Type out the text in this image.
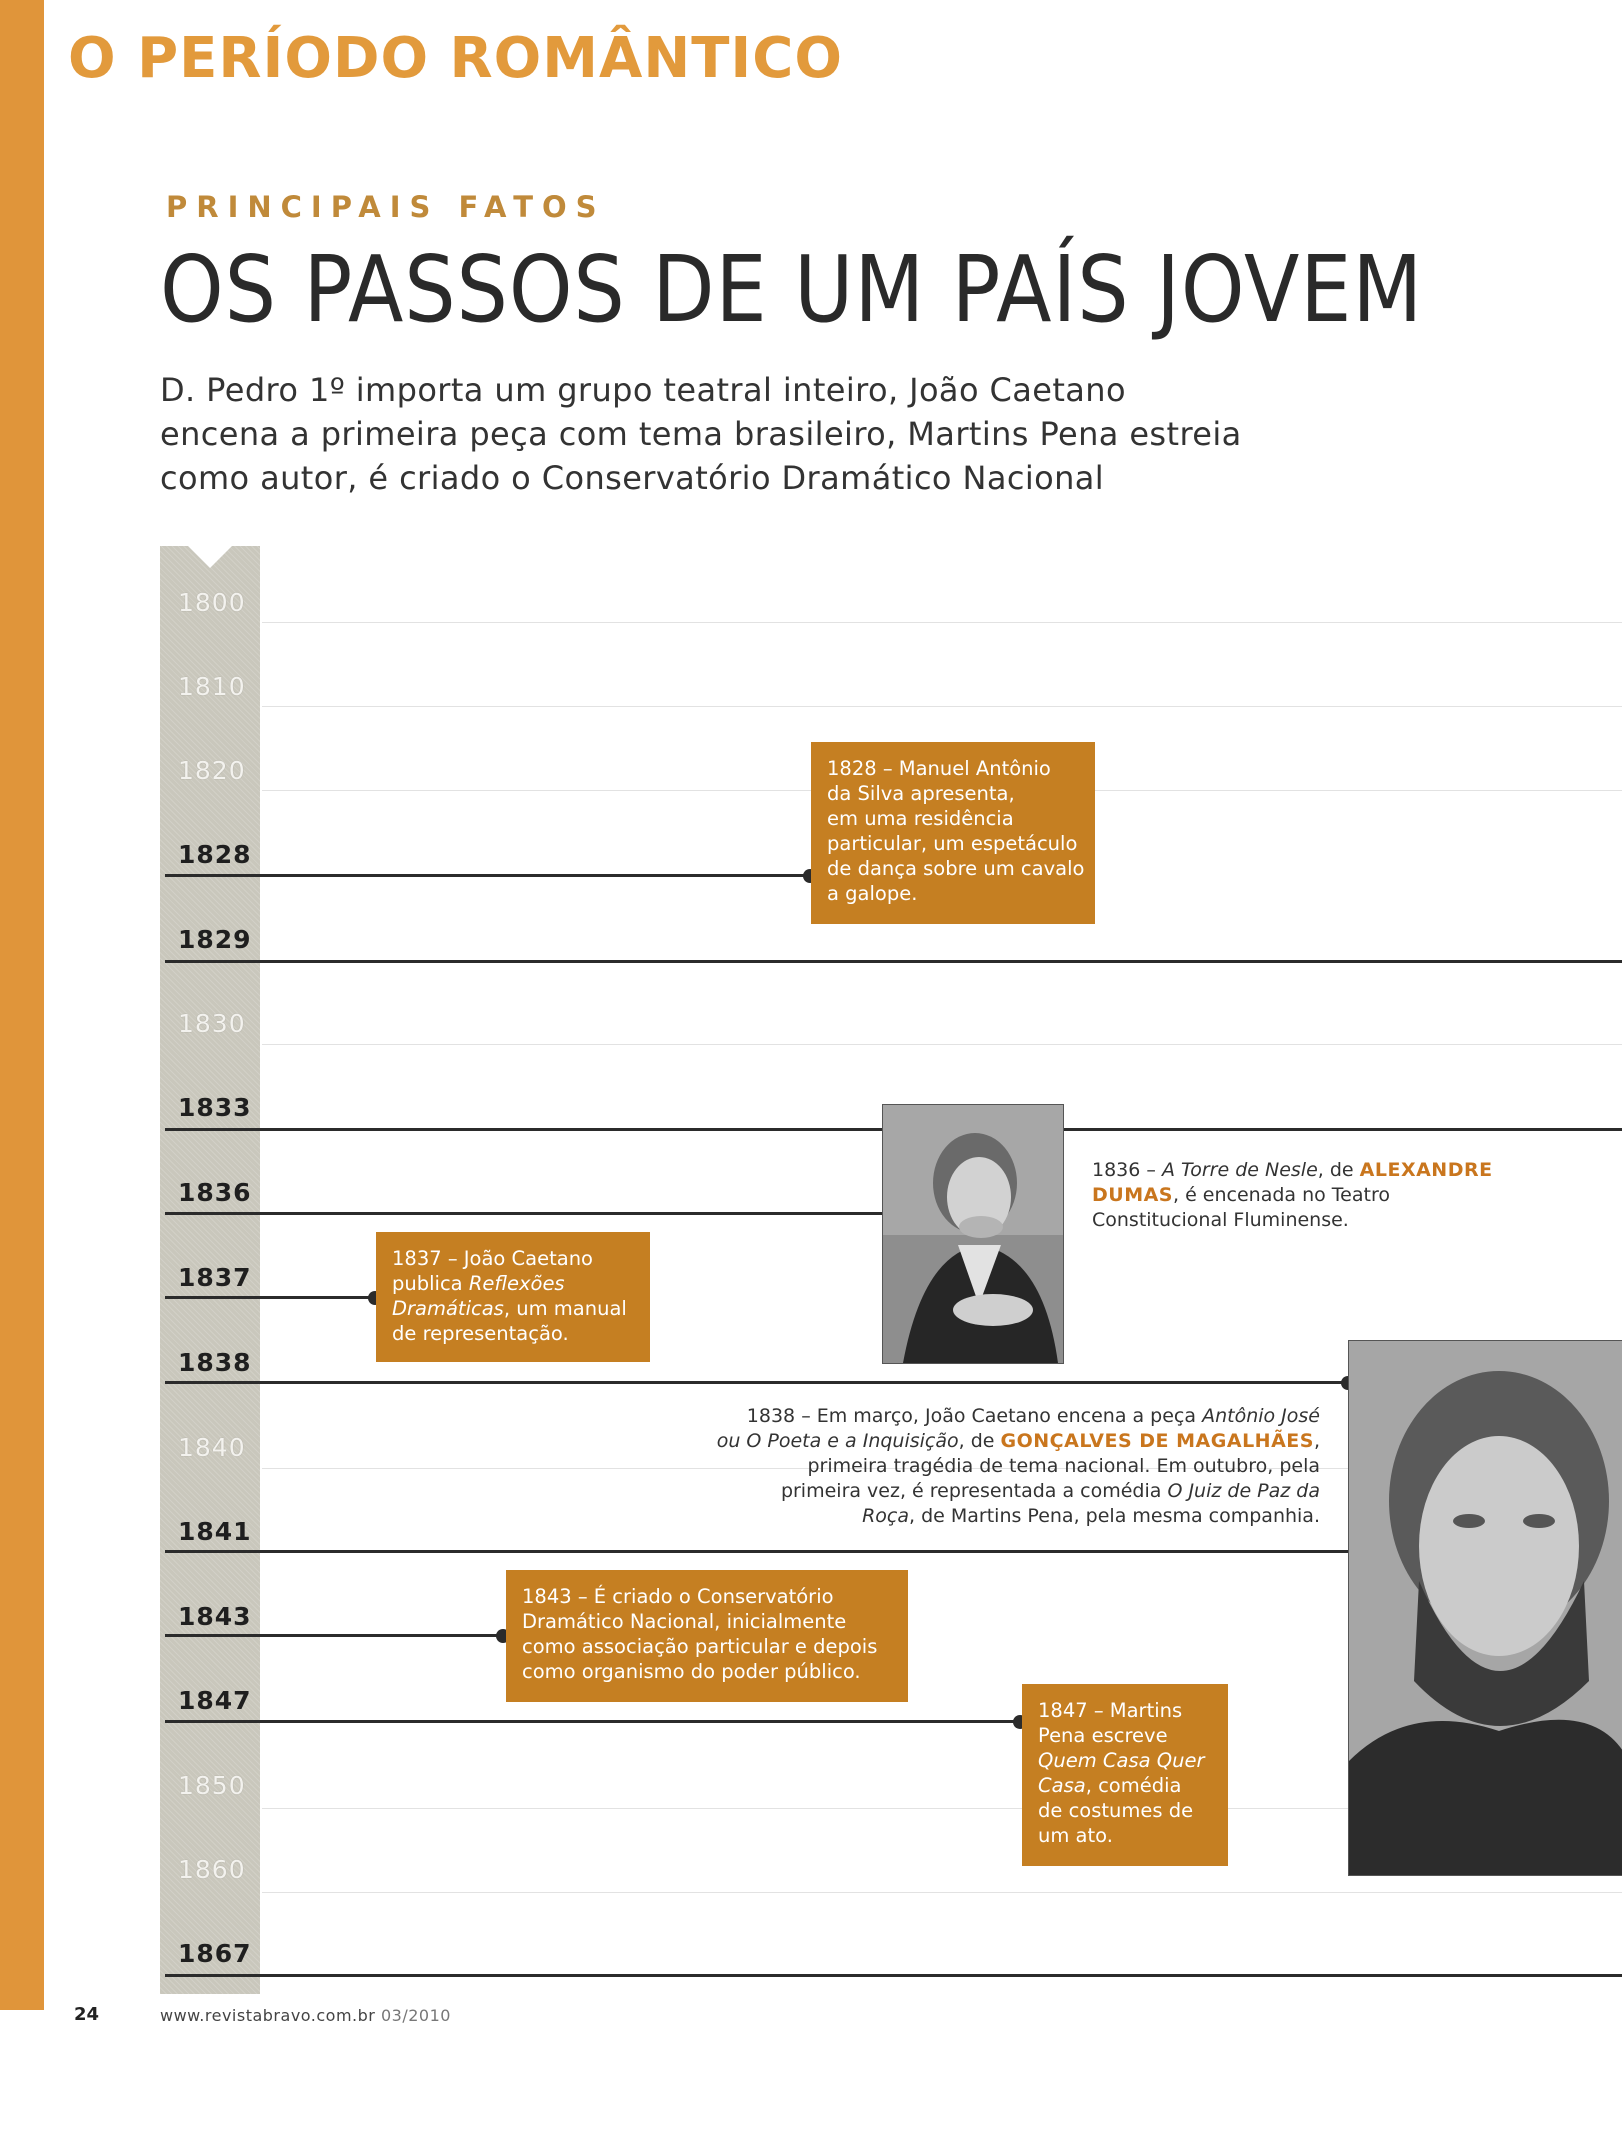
O PERÍODO ROMÂNTICO
PRINCIPAIS FATOS
OS PASSOS DE UM PAÍS JOVEM

D. Pedro 1º importa um grupo teatral inteiro, João Caetano
encena a primeira peça com tema brasileiro, Martins Pena estreia
como autor, é criado o Conservatório Dramático Nacional

1800
1810
1820
1828
1829
1830
1833
1836
1837
1838
1840
1841
1843
1847
1850
1860
1867

1828 – Manuel Antônio
da Silva apresenta,
em uma residência
particular, um espetáculo
de dança sobre um cavalo
a galope.

1836 – A Torre de Nesle, de ALEXANDRE
DUMAS, é encenada no Teatro
Constitucional Fluminense.

1837 – João Caetano
publica Reflexões
Dramáticas, um manual
de representação.

1838 – Em março, João Caetano encena a peça Antônio José
ou O Poeta e a Inquisição, de GONÇALVES DE MAGALHÃES,
primeira tragédia de tema nacional. Em outubro, pela
primeira vez, é representada a comédia O Juiz de Paz da
Roça, de Martins Pena, pela mesma companhia.

1843 – É criado o Conservatório
Dramático Nacional, inicialmente
como associação particular e depois
como organismo do poder público.

1847 – Martins
Pena escreve
Quem Casa Quer
Casa, comédia
de costumes de
um ato.

24	www.revistabravo.com.br 03/2010
